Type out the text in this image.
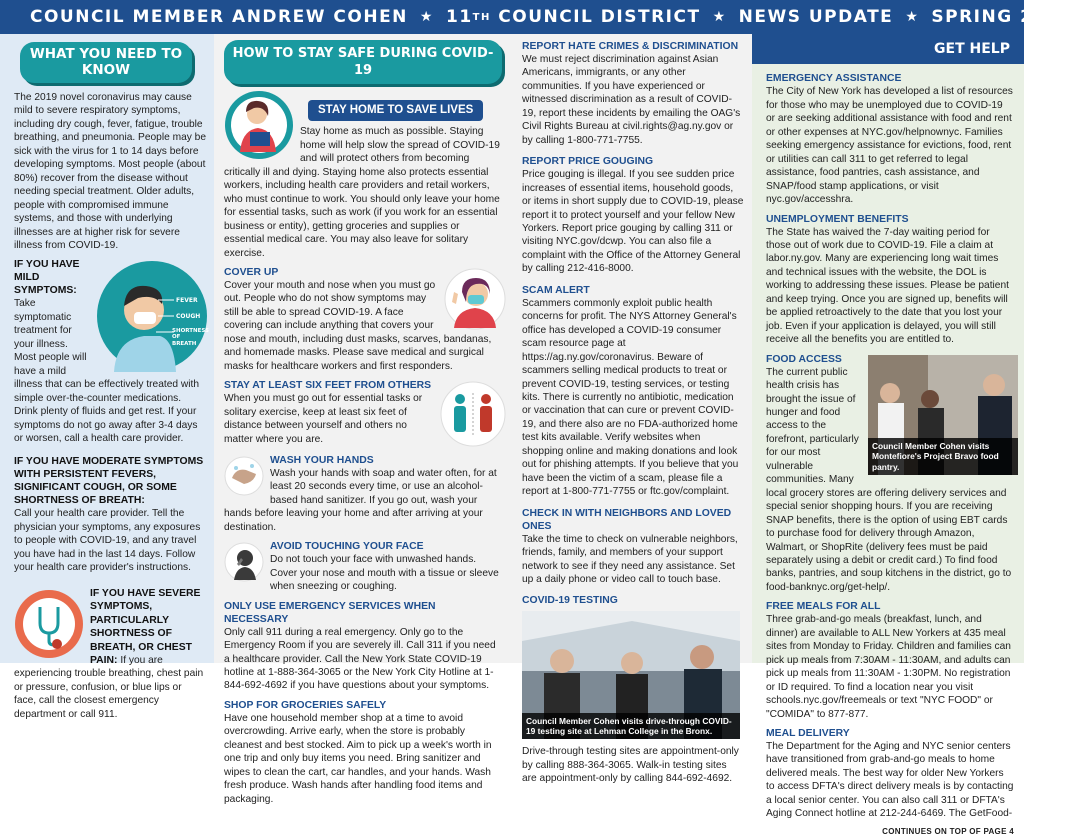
COUNCIL MEMBER
ANDREW COHEN ★ 11 TH
COUNCIL DISTRICT ★ NEWS UPDATE ★ SPRING 2020
WHAT YOU NEED TO KNOW

The 2019 novel coronavirus may cause mild to severe respiratory symptoms, including dry cough, fever, fatigue, trouble breathing, and pneumonia. People may be sick with the virus for 1 to 14 days before developing symptoms. Most people (about 80%) recover from the disease without needing special treatment. Older adults, people with compromised immune systems, and those with underlying illnesses are at higher risk for severe illness from COVID-19.

FEVER
COUGH
SHORTNESS OF BREATH
IF YOU HAVE MILD SYMPTOMS:

Take symptomatic treatment for your illness. Most people will have a mild illness that can be effectively treated with simple over-the-counter medications. Drink plenty of fluids and get rest. If your symptoms do not go away after 3-4 days or worsen, call a health care provider.

IF YOU HAVE MODERATE SYMPTOMS WITH PERSISTENT FEVERS, SIGNIFICANT COUGH, OR SOME SHORTNESS OF BREATH:

Call your health care provider. Tell the physician your symptoms, any exposures to people with COVID-19, and any travel you have had in the last 14 days. Follow your health care provider's instructions.

IF YOU HAVE SEVERE SYMPTOMS, PARTICULARLY SHORTNESS OF BREATH, OR CHEST PAIN: If you are experiencing trouble breathing, chest pain or pressure, confusion, or blue lips or face, call the closest emergency department or call 911.
HOW TO STAY SAFE DURING COVID-19
STAY HOME TO SAVE LIVES

Stay home as much as possible. Staying home will help slow the spread of COVID-19 and will protect others from becoming critically ill and dying. Staying home also protects essential workers, including health care providers and retail workers, who must continue to work. You should only leave your home for essential tasks, such as work (if you work for an essential business or entity), getting groceries and supplies or essential medical care. You may also leave for solitary exercise.

COVER UP

Cover your mouth and nose when you must go out. People who do not show symptoms may still be able to spread COVID-19. A face covering can include anything that covers your nose and mouth, including dust masks, scarves, bandanas, and homemade masks. Please save medical and surgical masks for healthcare workers and first responders.

STAY AT LEAST SIX FEET FROM OTHERS

When you must go out for essential tasks or solitary exercise, keep at least six feet of distance between yourself and others no matter where you are.

WASH YOUR HANDS

Wash your hands with soap and water often, for at least 20 seconds every time, or use an alcohol-based hand sanitizer. If you go out, wash your hands before leaving your home and after arriving at your destination.

AVOID TOUCHING YOUR FACE

Do not touch your face with unwashed hands. Cover your nose and mouth with a tissue or sleeve when sneezing or coughing.

ONLY USE EMERGENCY SERVICES WHEN NECESSARY

Only call 911 during a real emergency. Only go to the Emergency Room if you are severely ill. Call 311 if you need a healthcare provider. Call the New York State COVID-19 hotline at 1-888-364-3065 or the New York City Hotline at 1-844-692-4692 if you have questions about your symptoms.

SHOP FOR GROCERIES SAFELY

Have one household member shop at a time to avoid overcrowding. Arrive early, when the store is probably cleanest and best stocked. Aim to pick up a week's worth in one trip and only buy items you need. Bring sanitizer and wipes to clean the cart, car handles, and your hands. Wash fresh produce. Wash hands after handling food items and packaging.

REPORT HATE CRIMES & DISCRIMINATION

We must reject discrimination against Asian Americans, immigrants, or any other communities. If you have experienced or witnessed discrimination as a result of COVID-19, report these incidents by emailing the OAG's Civil Rights Bureau at civil.rights@ag.ny.gov or by calling 1-800-771-7755.

REPORT PRICE GOUGING

Price gouging is illegal. If you see sudden price increases of essential items, household goods, or items in short supply due to COVID-19, please report it to protect yourself and your fellow New Yorkers. Report price gouging by calling 311 or visiting NYC.gov/dcwp. You can also file a complaint with the Office of the Attorney General by calling 212-416-8000.

SCAM ALERT

Scammers commonly exploit public health concerns for profit. The NYS Attorney General's office has developed a COVID-19 consumer scam resource page at https://ag.ny.gov/coronavirus. Beware of scammers selling medical products to treat or prevent COVID-19, testing services, or testing kits. There is currently no antibiotic, medication or vaccination that can cure or prevent COVID-19, and there also are no FDA-authorized home test kits available. Verify websites when shopping online and making donations and look out for phishing attempts. If you believe that you have been the victim of a scam, please file a report at 1-800-771-7755 or ftc.gov/complaint.

CHECK IN WITH NEIGHBORS AND LOVED ONES

Take the time to check on vulnerable neighbors, friends, family, and members of your support network to see if they need any assistance. Set up a daily phone or video call to touch base.

COVID-19 TESTING
Council Member Cohen visits drive-through COVID-19 testing site at Lehman College in the Bronx.

Drive-through testing sites are appointment-only by calling 888-364-3065. Walk-in testing sites are appointment-only by calling 844-692-4692.

GET HELP
EMERGENCY ASSISTANCE

The City of New York has developed a list of resources for those who may be unemployed due to COVID-19 or are seeking additional assistance with food and rent or other expenses at NYC.gov/helpnownyc. Families seeking emergency assistance for evictions, food, rent or utilities can call 311 to get referred to legal assistance, food pantries, cash assistance, and SNAP/food stamp applications, or visit nyc.gov/accesshra.

UNEMPLOYMENT BENEFITS

The State has waived the 7-day waiting period for those out of work due to COVID-19. File a claim at labor.ny.gov. Many are experiencing long wait times and technical issues with the website, the DOL is working to addressing these issues. Please be patient and keep trying. Once you are signed up, benefits will be applied retroactively to the date that you lost your job. Even if your application is delayed, you will still receive all the benefits you are entitled to.

Council Member Cohen visits Montefiore's Project Bravo food pantry.
FOOD ACCESS

The current public health crisis has brought the issue of hunger and food access to the forefront, particularly for our most vulnerable communities. Many local grocery stores are offering delivery services and special senior shopping hours. If you are receiving SNAP benefits, there is the option of using EBT cards to purchase food for delivery through Amazon, Walmart, or ShopRite (delivery fees must be paid separately using a debit or credit card.) To find food banks, pantries, and soup kitchens in the district, go to food-banknyc.org/get-help/.

FREE MEALS FOR ALL

Three grab-and-go meals (breakfast, lunch, and dinner) are available to ALL New Yorkers at 435 meal sites from Monday to Friday. Children and families can pick up meals from 7:30AM - 11:30AM, and adults can pick up meals from 11:30AM - 1:30PM. No registration or ID required. To find a location near you visit schools.nyc.gov/freemeals or text "NYC FOOD" or "COMIDA" to 877-877.

MEAL DELIVERY

The Department for the Aging and NYC senior centers have transitioned from grab-and-go meals to home delivered meals. The best way for older New Yorkers to access DFTA's direct delivery meals is by contacting a local senior center. You can also call 311 or DFTA's Aging Connect hotline at 212-244-6469. The GetFood-

CONTINUES ON TOP OF PAGE 4
